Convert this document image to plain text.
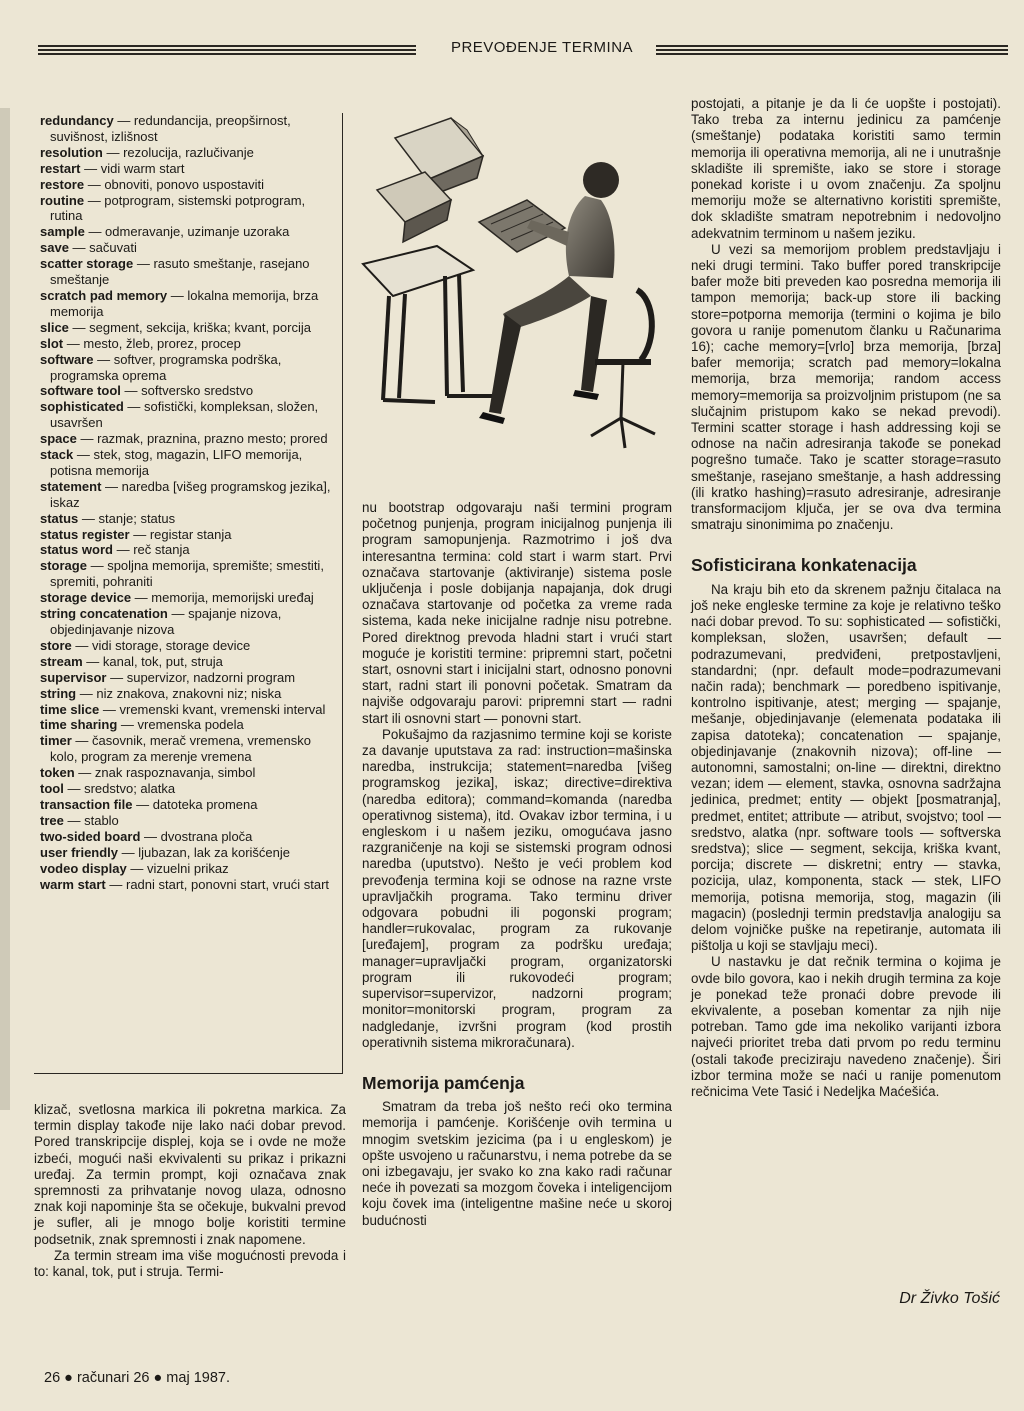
PREVOĐENJE TERMINA
redundancy — redundancija, preopširnost, suvišnost, izlišnost
resolution — rezolucija, razlučivanje
restart — vidi warm start
restore — obnoviti, ponovo uspostaviti
routine — potprogram, sistemski potprogram, rutina
sample — odmeravanje, uzimanje uzoraka
save — sačuvati
scatter storage — rasuto smeštanje, rasejano smeštanje
scratch pad memory — lokalna memorija, brza memorija
slice — segment, sekcija, kriška; kvant, porcija
slot — mesto, žleb, prorez, procep
software — softver, programska podrška, programska oprema
software tool — softversko sredstvo
sophisticated — sofistički, kompleksan, složen, usavršen
space — razmak, praznina, prazno mesto; prored
stack — stek, stog, magazin, LIFO memorija, potisna memorija
statement — naredba [višeg programskog jezika], iskaz
status — stanje; status
status register — registar stanja
status word — reč stanja
storage — spoljna memorija, spremište; smestiti, spremiti, pohraniti
storage device — memorija, memorijski uređaj
string concatenation — spajanje nizova, objedinjavanje nizova
store — vidi storage, storage device
stream — kanal, tok, put, struja
supervisor — supervizor, nadzorni program
string — niz znakova, znakovni niz; niska
time slice — vremenski kvant, vremenski interval
time sharing — vremenska podela
timer — časovnik, merač vremena, vremensko kolo, program za merenje vremena
token — znak raspoznavanja, simbol
tool — sredstvo; alatka
transaction file — datoteka promena
tree — stablo
two-sided board — dvostrana ploča
user friendly — ljubazan, lak za korišćenje
vodeo display — vizuelni prikaz
warm start — radni start, ponovni start, vrući start

klizač, svetlosna markica ili pokretna markica. Za termin display takođe nije lako naći dobar prevod. Pored transkripcije displej, koja se i ovde ne može izbeći, mogući naši ekvivalenti su prikaz i prikazni uređaj. Za termin prompt, koji označava znak spremnosti za prihvatanje novog ulaza, odnosno znak koji napominje šta se očekuje, bukvalni prevod je sufler, ali je mnogo bolje koristiti termine podsetnik, znak spremnosti i znak napomene.

Za termin stream ima više mogućnosti prevoda i to: kanal, tok, put i struja. Termi-

nu bootstrap odgovaraju naši termini program početnog punjenja, program inicijalnog punjenja ili program samopunjenja. Razmotrimo i još dva interesantna termina: cold start i warm start. Prvi označava startovanje (aktiviranje) sistema posle uključenja i posle dobijanja napajanja, dok drugi označava startovanje od početka za vreme rada sistema, kada neke inicijalne radnje nisu potrebne. Pored direktnog prevoda hladni start i vrući start moguće je koristiti termine: pripremni start, početni start, osnovni start i inicijalni start, odnosno ponovni start, radni start ili ponovni početak. Smatram da najviše odgovaraju parovi: pripremni start — radni start ili osnovni start — ponovni start.

Pokušajmo da razjasnimo termine koji se koriste za davanje uputstava za rad: instruction=mašinska naredba, instrukcija; statement=naredba [višeg programskog jezika], iskaz; directive=direktiva (naredba editora); command=komanda (naredba operativnog sistema), itd. Ovakav izbor termina, i u engleskom i u našem jeziku, omogućava jasno razgraničenje na koji se sistemski program odnosi naredba (uputstvo). Nešto je veći problem kod prevođenja termina koji se odnose na razne vrste upravljačkih programa. Tako terminu driver odgovara pobudni ili pogonski program; handler=rukovalac, program za rukovanje [uređajem], program za podršku uređaja; manager=upravljački program, organizatorski program ili rukovodeći program; supervisor=supervizor, nadzorni program; monitor=monitorski program, program za nadgledanje, izvršni program (kod prostih operativnih sistema mikroračunara).

Memorija pamćenja

Smatram da treba još nešto reći oko termina memorija i pamćenje. Korišćenje ovih termina u mnogim svetskim jezicima (pa i u engleskom) je opšte usvojeno u računarstvu, i nema potrebe da se oni izbegavaju, jer svako ko zna kako radi računar neće ih povezati sa mozgom čoveka i inteligencijom koju čovek ima (inteligentne mašine neće u skoroj budućnosti

postojati, a pitanje je da li će uopšte i postojati). Tako treba za internu jedinicu za pamćenje (smeštanje) podataka koristiti samo termin memorija ili operativna memorija, ali ne i unutrašnje skladište ili spremište, iako se store i storage ponekad koriste i u ovom značenju. Za spoljnu memoriju može se alternativno koristiti spremište, dok skladište smatram nepotrebnim i nedovoljno adekvatnim terminom u našem jeziku.

U vezi sa memorijom problem predstavljaju i neki drugi termini. Tako buffer pored transkripcije bafer može biti preveden kao posredna memorija ili tampon memorija; back-up store ili backing store=potporna memorija (termini o kojima je bilo govora u ranije pomenutom članku u Računarima 16); cache memory=[vrlo] brza memorija, [brza] bafer memorija; scratch pad memory=lokalna memorija, brza memorija; random access memory=memorija sa proizvoljnim pristupom (ne sa slučajnim pristupom kako se nekad prevodi). Termini scatter storage i hash addressing koji se odnose na način adresiranja takođe se ponekad pogrešno tumače. Tako je scatter storage=rasuto smeštanje, rasejano smeštanje, a hash addressing (ili kratko hashing)=rasuto adresiranje, adresiranje transformacijom ključa, jer se ova dva termina smatraju sinonimima po značenju.

Sofisticirana konkatenacija

Na kraju bih eto da skrenem pažnju čitalaca na još neke engleske termine za koje je relativno teško naći dobar prevod. To su: sophisticated — sofistički, kompleksan, složen, usavršen; default — podrazumevani, predviđeni, pretpostavljeni, standardni; (npr. default mode=podrazumevani način rada); benchmark — poredbeno ispitivanje, kontrolno ispitivanje, atest; merging — spajanje, mešanje, objedinjavanje (elemenata podataka ili zapisa datoteka); concatenation — spajanje, objedinjavanje (znakovnih nizova); off-line — autonomni, samostalni; on-line — direktni, direktno vezan; idem — element, stavka, osnovna sadržajna jedinica, predmet; entity — objekt [posmatranja], predmet, entitet; attribute — atribut, svojstvo; tool — sredstvo, alatka (npr. software tools — softverska sredstva); slice — segment, sekcija, kriška kvant, porcija; discrete — diskretni; entry — stavka, pozicija, ulaz, komponenta, stack — stek, LIFO memorija, potisna memorija, stog, magazin (ili magacin) (poslednji termin predstavlja analogiju sa delom vojničke puške na repetiranje, automata ili pištolja u koji se stavljaju meci).

U nastavku je dat rečnik termina o kojima je ovde bilo govora, kao i nekih drugih termina za koje je ponekad teže pronaći dobre prevode ili ekvivalente, a poseban komentar za njih nije potreban. Tamo gde ima nekoliko varijanti izbora najveći prioritet treba dati prvom po redu terminu (ostali takođe preciziraju navedeno značenje). Širi izbor termina može se naći u ranije pomenutom rečnicima Vete Tasić i Nedeljka Maćešića.

Dr Živko Tošić
26 ● računari 26 ● maj 1987.
